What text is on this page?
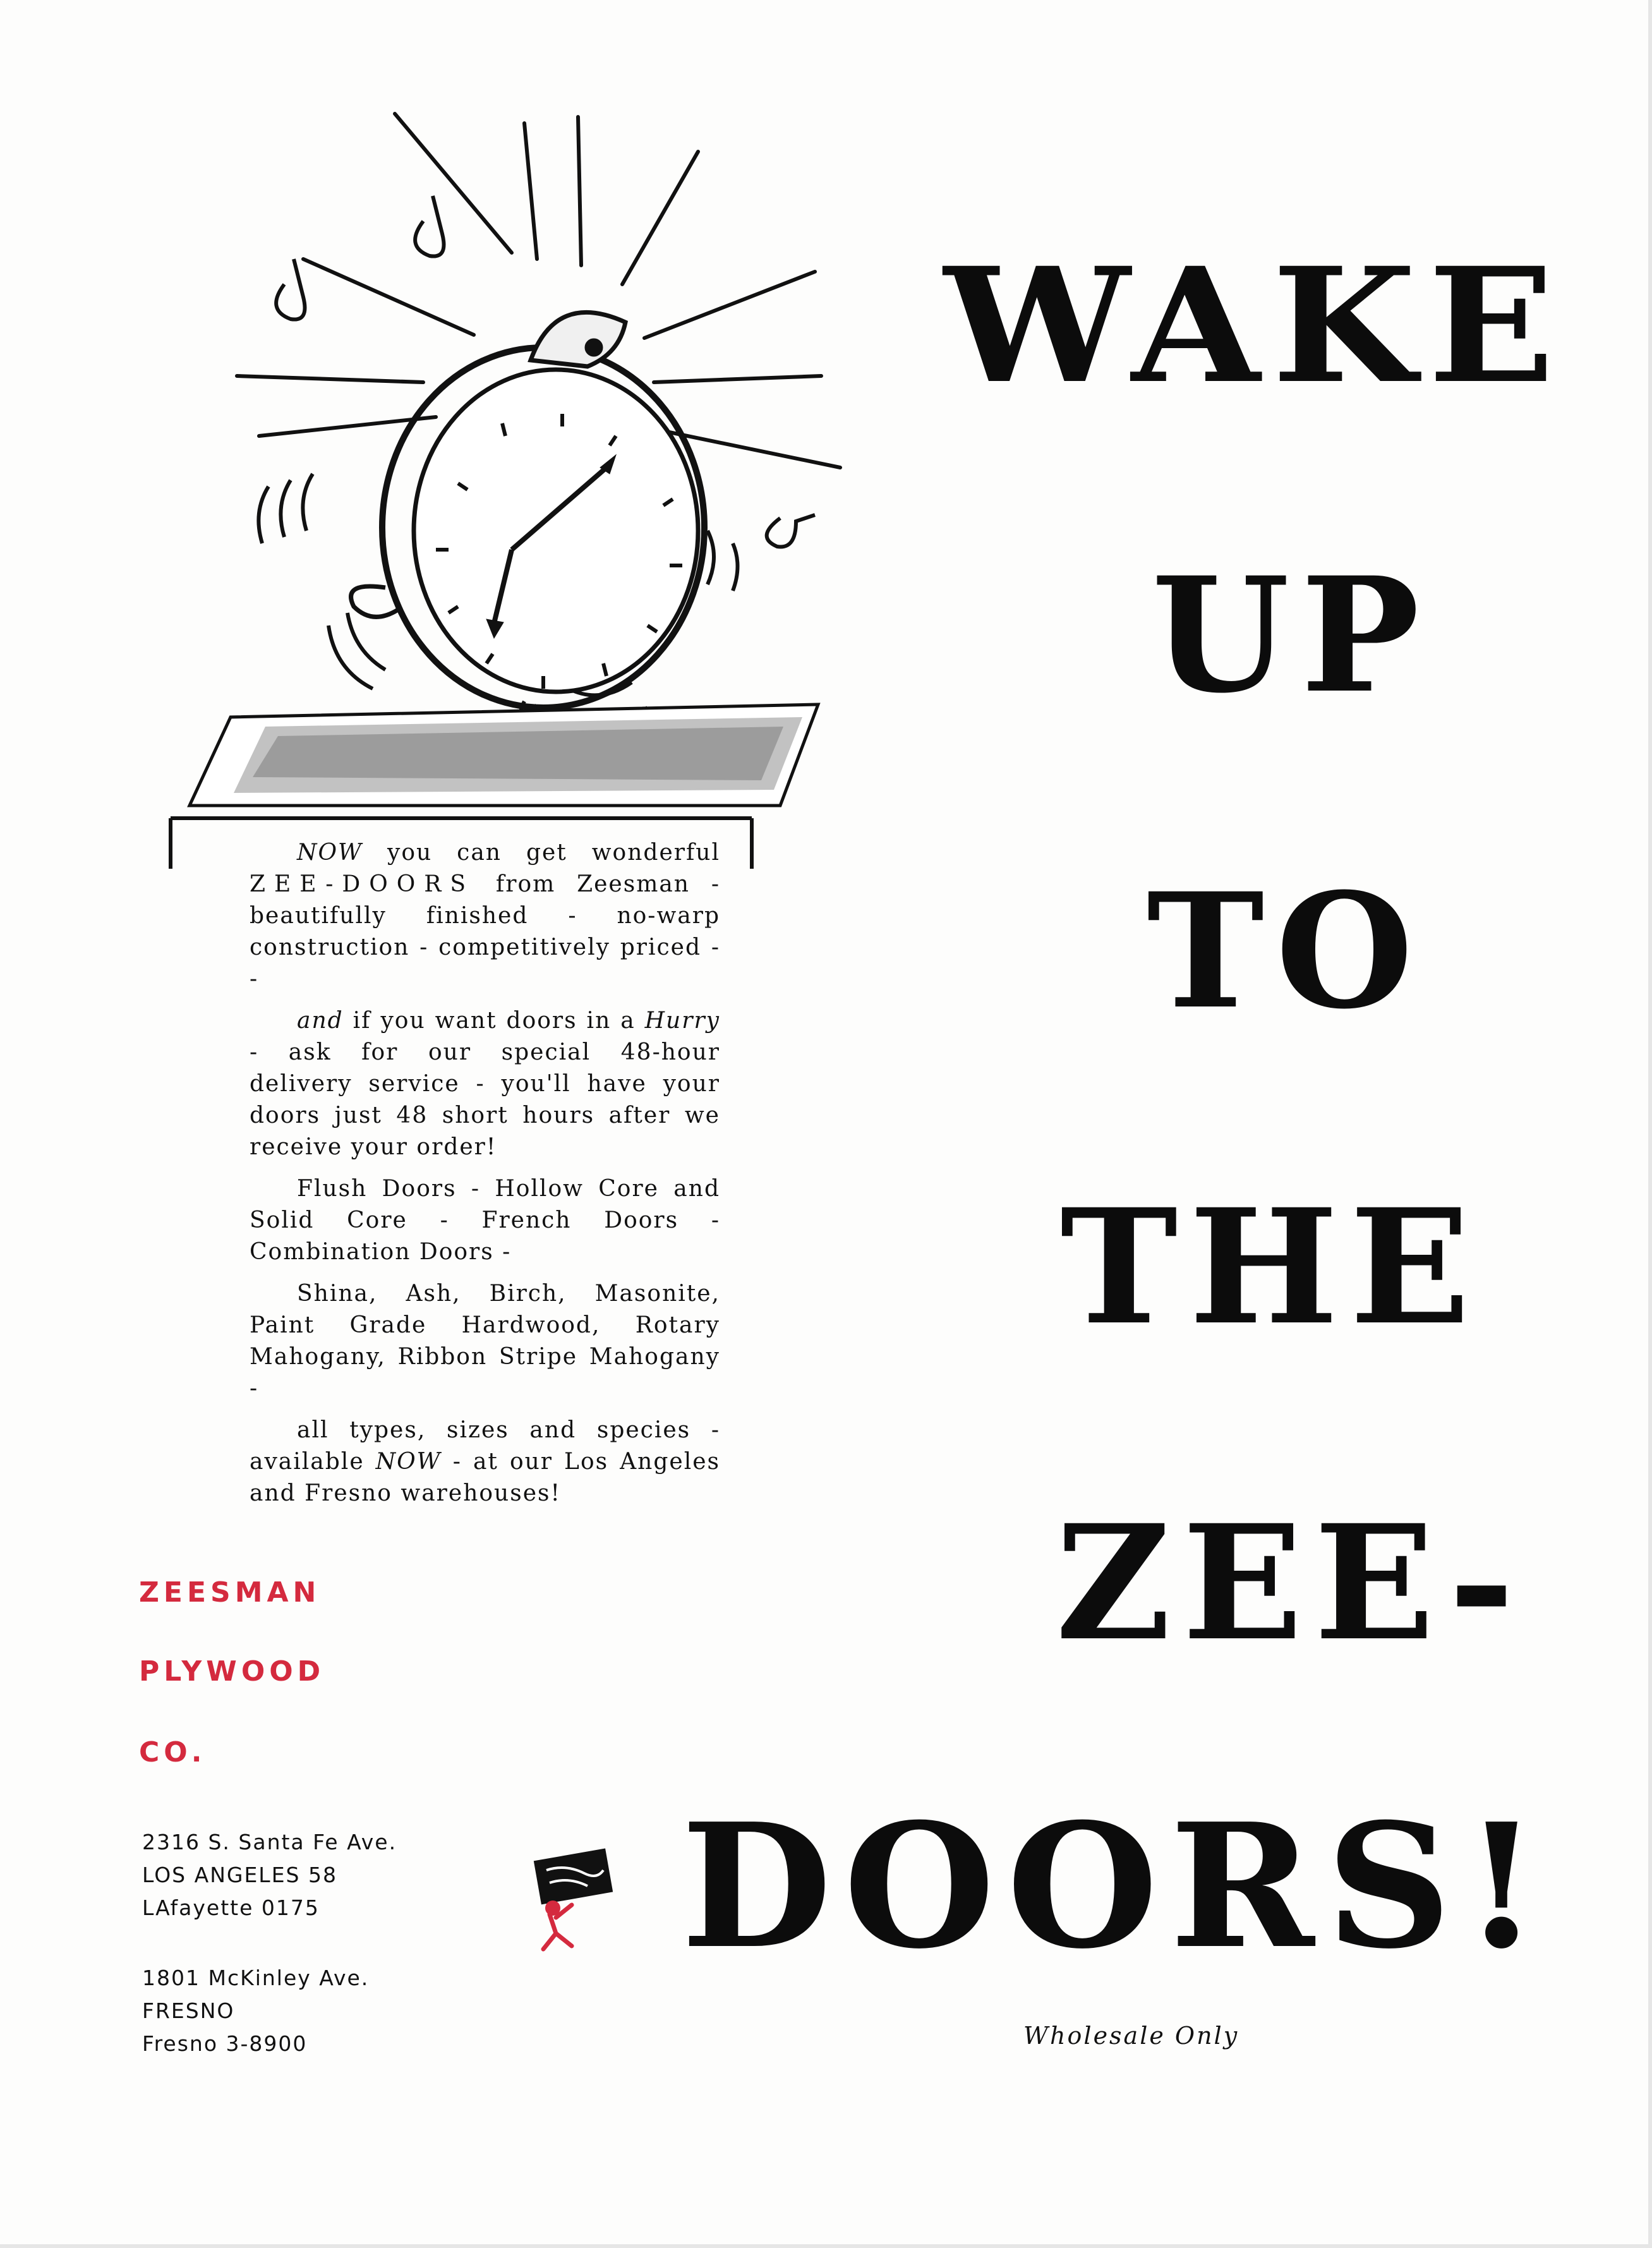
NOW you can get wonderful ZEE-DOORS from Zeesman - beautifully finished - no-warp construction - competitively priced --

and if you want doors in a Hurry - ask for our special 48-hour delivery service - you'll have your doors just 48 short hours after we receive your order!

Flush Doors - Hollow Core and Solid Core - French Doors - Combination Doors -

Shina, Ash, Birch, Masonite, Paint Grade Hardwood, Rotary Mahogany, Ribbon Stripe Mahogany -

all types, sizes and species - available NOW - at our Los Angeles and Fresno warehouses!

ZEESMAN
PLYWOOD
CO.
2316 S. Santa Fe Ave.
LOS ANGELES 58
LAfayette 0175
1801 McKinley Ave.
FRESNO
Fresno 3-8900
WAKE
UP
TO
THE
ZEE-
DOORS!
Wholesale Only
